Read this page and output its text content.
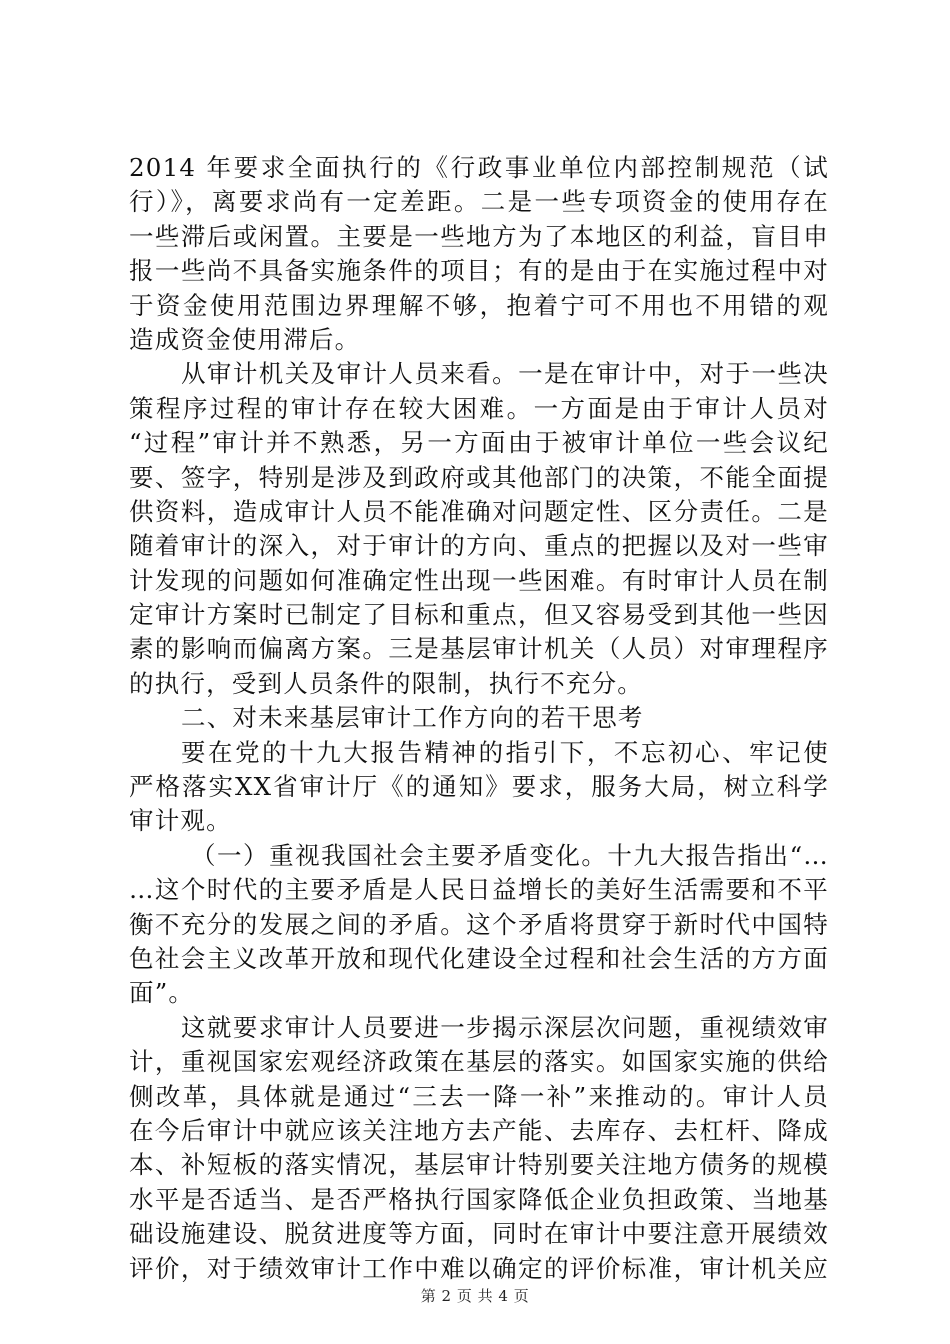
2014 年要求全面执行的《行政事业单位内部控制规范（试
行）》，离要求尚有一定差距。二是一些专项资金的使用存在
一些滞后或闲置。主要是一些地方为了本地区的利益，盲目申
报一些尚不具备实施条件的项目；有的是由于在实施过程中对
于资金使用范围边界理解不够，抱着宁可不用也不用错的观
造成资金使用滞后。
从审计机关及审计人员来看。一是在审计中，对于一些决
策程序过程的审计存在较大困难。一方面是由于审计人员对
“过程”审计并不熟悉，另一方面由于被审计单位一些会议纪
要、签字，特别是涉及到政府或其他部门的决策，不能全面提
供资料，造成审计人员不能准确对问题定性、区分责任。二是
随着审计的深入，对于审计的方向、重点的把握以及对一些审
计发现的问题如何准确定性出现一些困难。有时审计人员在制
定审计方案时已制定了目标和重点，但又容易受到其他一些因
素的影响而偏离方案。三是基层审计机关（人员）对审理程序
的执行，受到人员条件的限制，执行不充分。
二、对未来基层审计工作方向的若干思考
要在党的十九大报告精神的指引下，不忘初心、牢记使
严格落实XX省审计厅《的通知》要求，服务大局，树立科学
审计观。
（一）重视我国社会主要矛盾变化。十九大报告指出“…
…这个时代的主要矛盾是人民日益增长的美好生活需要和不平
衡不充分的发展之间的矛盾。这个矛盾将贯穿于新时代中国特
色社会主义改革开放和现代化建设全过程和社会生活的方方面
面”。
这就要求审计人员要进一步揭示深层次问题，重视绩效审
计，重视国家宏观经济政策在基层的落实。如国家实施的供给
侧改革，具体就是通过“三去一降一补”来推动的。审计人员
在今后审计中就应该关注地方去产能、去库存、去杠杆、降成
本、补短板的落实情况，基层审计特别要关注地方债务的规模
水平是否适当、是否严格执行国家降低企业负担政策、当地基
础设施建设、脱贫进度等方面，同时在审计中要注意开展绩效
评价，对于绩效审计工作中难以确定的评价标准，审计机关应
第 2 页 共 4 页
